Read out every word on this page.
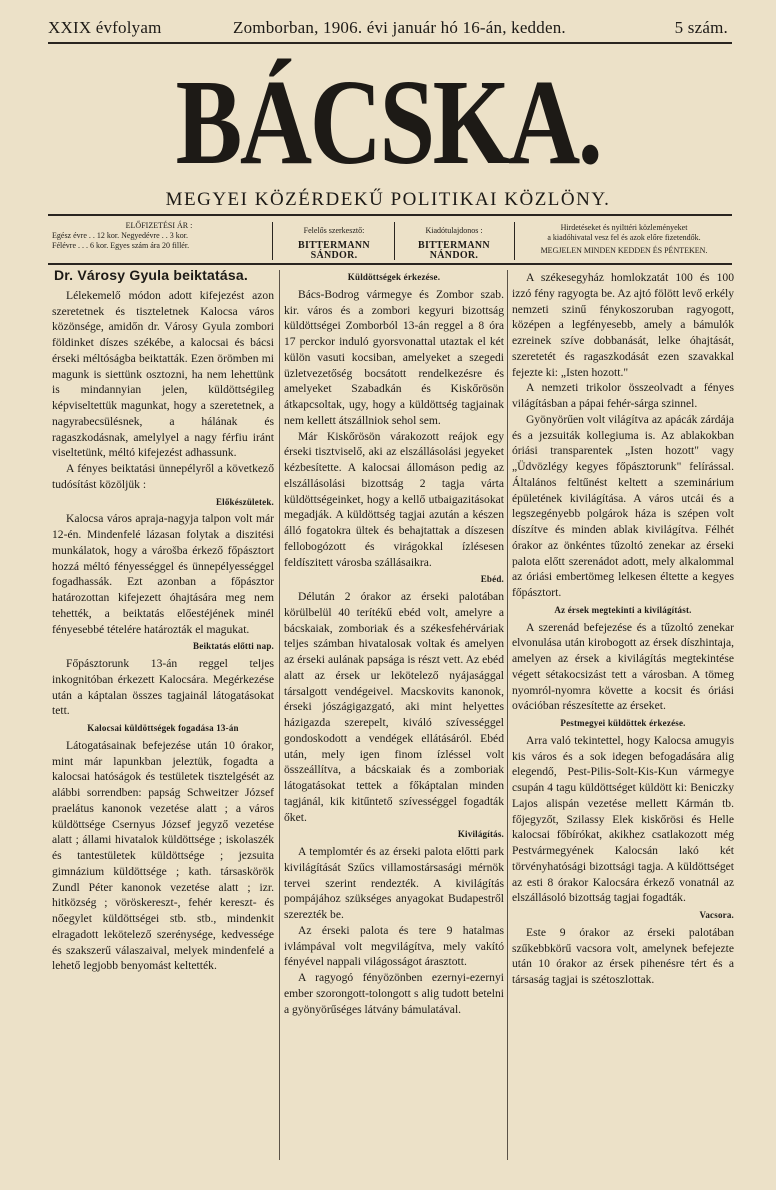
XXIX évfolyam	Zomborban, 1906. évi január hó 16-án, kedden.	5 szám.
BÁCSKA.
MEGYEI KÖZÉRDEKŰ POLITIKAI KÖZLÖNY.
ELŐFIZETÉSI ÁR :
Egész évre . . 12 kor. Negyedévre . . 3 kor.
Félévre . . . 6 kor. Egyes szám ára 20 fillér.
Felelős szerkesztő:
BITTERMANN SÁNDOR.
Kiadótulajdonos :
BITTERMANN NÁNDOR.
Hirdetéseket és nyilttéri közleményeket
a kiadóhivatal vesz fel és azok előre fizetendők.
MEGJELEN MINDEN KEDDEN ÉS PÉNTEKEN.
Dr. Városy Gyula beiktatása.

Lélekemelő módon adott kifejezést azon szeretetnek és tiszteletnek Kalocsa város közönsége, amidőn dr. Városy Gyula zombori földinket díszes székébe, a kalocsai és bácsi érseki méltóságba beiktatták. Ezen örömben mi magunk is siettünk osztozni, ha nem lehettünk is mindannyian jelen, küldöttségileg képviseltettük magunkat, hogy a szeretetnek, a nagyrabecsülésnek, a hálának és ragaszkodásnak, amelylyel a nagy férfiu iránt viseltetünk, méltó kifejezést adhassunk.

A fényes beiktatási ünnepélyről a következő tudósítást közöljük :

Előkészületek.

Kalocsa város apraja-nagyja talpon volt már 12-én. Mindenfelé lázasan folytak a diszitési munkálatok, hogy a várošba érkező főpásztort hozzá méltó fényességgel és ünnepélyességgel fogadhassák. Ezt azonban a főpásztor határozottan kifejezett óhajtására meg nem tehették, a beiktatás előestéjének minél fényesebbé tételére határozták el magukat.

Beiktatás előtti nap.

Főpásztorunk 13-án reggel teljes inkognitóban érkezett Kalocsára. Megérkezése után a káptalan összes tagjainál látogatásokat tett.

Kalocsai küldöttségek fogadása 13-án

Látogatásainak befejezése után 10 órakor, mint már lapunkban jeleztük, fogadta a kalocsai hatóságok és testületek tisztelgését az alábbi sorrendben: papság Schweitzer József praelátus kanonok vezetése alatt ; a város küldöttsége Csernyus József jegyző vezetése alatt ; állami hivatalok küldöttsége ; iskolaszék és tantestületek küldöttsége ; jezsuita gimnázium küldöttsége ; kath. társaskörök Zundl Péter kanonok vezetése alatt ; izr. hitközség ; vöröskereszt-, fehér kereszt- és nőegylet küldöttségei stb. stb., mindenkit elragadott lekötelező szerénysége, kedvessége és szakszerű válaszaival, melyek mindenfelé a lehető legjobb benyomást keltették.

Küldöttségek érkezése.

Bács-Bodrog vármegye és Zombor szab. kir. város és a zombori kegyuri bizottság küldöttségei Zomborból 13-án reggel a 8 óra 17 perckor induló gyorsvonattal utaztak el két külön vasuti kocsiban, amelyeket a szegedi üzletvezetőség bocsátott rendelkezésre és amelyeket Szabadkán és Kiskőrösön átkapcsoltak, ugy, hogy a küldöttség tagjainak nem kellett átszállniok sehol sem.

Már Kiskőrösön várakozott reájok egy érseki tisztviselő, aki az elszállásolási jegyeket kézbesítette. A kalocsai állomáson pedig az elszállásolási bizottság 2 tagja várta küldöttségeinket, hogy a kellő utbaigazitásokat megadják. A küldöttség tagjai azután a készen álló fogatokra ültek és behajtattak a díszesen fellobogózott és virágokkal ízlésesen feldíszitett városba szállásaikra.

Ebéd.

Délután 2 órakor az érseki palotában körülbelül 40 terítékű ebéd volt, amelyre a bácskaiak, zomboriak és a székesfehérváriak teljes számban hivatalosak voltak és amelyen az érseki aulának papsága is részt vett. Az ebéd alatt az érsek ur lekötelező nyájasággal társalgott vendégeivel. Macskovits kanonok, érseki jószágigazgató, aki mint helyettes házigazda szerepelt, kiváló szívességgel gondoskodott a vendégek ellátásáról. Ebéd után, mely igen finom ízléssel volt összeállítva, a bácskaiak és a zomboriak látogatásokat tettek a főkáptalan minden tagjánál, kik kitűntető szívességgel fogadták őket.

Kivilágítás.

A templomtér és az érseki palota előtti park kivilágítását Szűcs villamostársasági mérnök tervei szerint rendezték. A kivilágítás pompájához szükséges anyagokat Budapestről szerezték be.

Az érseki palota és tere 9 hatalmas ivlámpával volt megvilágítva, mely vakító fényével nappali világosságot árasztott.

A ragyogó fényözönben ezernyi-ezernyi ember szorongott-tolongott s alig tudott betelni a gyönyörűséges látvány bámulatával.

A székesegyház homlokzatát 100 és 100 izzó fény ragyogta be. Az ajtó fölött levő erkély nemzeti szinű fénykoszoruban ragyogott, középen a legfényesebb, amely a bámulók ezreinek szíve dobbanását, lelke óhajtását, szeretetét és ragaszkodását ezen szavakkal fejezte ki: „Isten hozott."

A nemzeti trikolor összeolvadt a fényes világításban a pápai fehér-sárga szinnel.

Gyönyörűen volt világítva az apácák zárdája és a jezsuiták kollegiuma is. Az ablakokban óriási transparentek „Isten hozott" vagy „Üdvözlégy kegyes főpásztorunk" felírással. Általános feltűnést keltett a szeminárium épületének kivilágítása. A város utcái és a legszegényebb polgárok háza is szépen volt díszítve és minden ablak kivilágítva. Félhét órakor az önkéntes tűzoltó zenekar az érseki palota előtt szerenádot adott, mely alkalommal az óriási embertömeg lelkesen éltette a kegyes főpásztort.

Az érsek megtekinti a kivilágítást.

A szerenád befejezése és a tűzoltó zenekar elvonulása után kirobogott az érsek díszhintaja, amelyen az érsek a kivilágítás megtekintése végett sétakocsizást tett a városban. A tömeg nyomról-nyomra követte a kocsit és óriási ovációban részesítette az érseket.

Pestmegyei küldöttek érkezése.

Arra való tekintettel, hogy Kalocsa amugyis kis város és a sok idegen befogadására alig elegendő, Pest-Pilis-Solt-Kis-Kun vármegye csupán 4 tagu küldöttséget küldött ki: Beniczky Lajos alispán vezetése mellett Kármán tb. főjegyzőt, Szilassy Elek kiskőrösi és Helle kalocsai főbírókat, akikhez csatlakozott még Pestvármegyének Kalocsán lakó két törvényhatósági bizottsági tagja. A küldöttséget az esti 8 órakor Kalocsára érkező vonatnál az elszállásoló bizottság tagjai fogadták.

Vacsora.

Este 9 órakor az érseki palotában szűkebbkörű vacsora volt, amelynek befejezte után 10 órakor az érsek pihenésre tért és a társaság tagjai is szétoszlottak.
